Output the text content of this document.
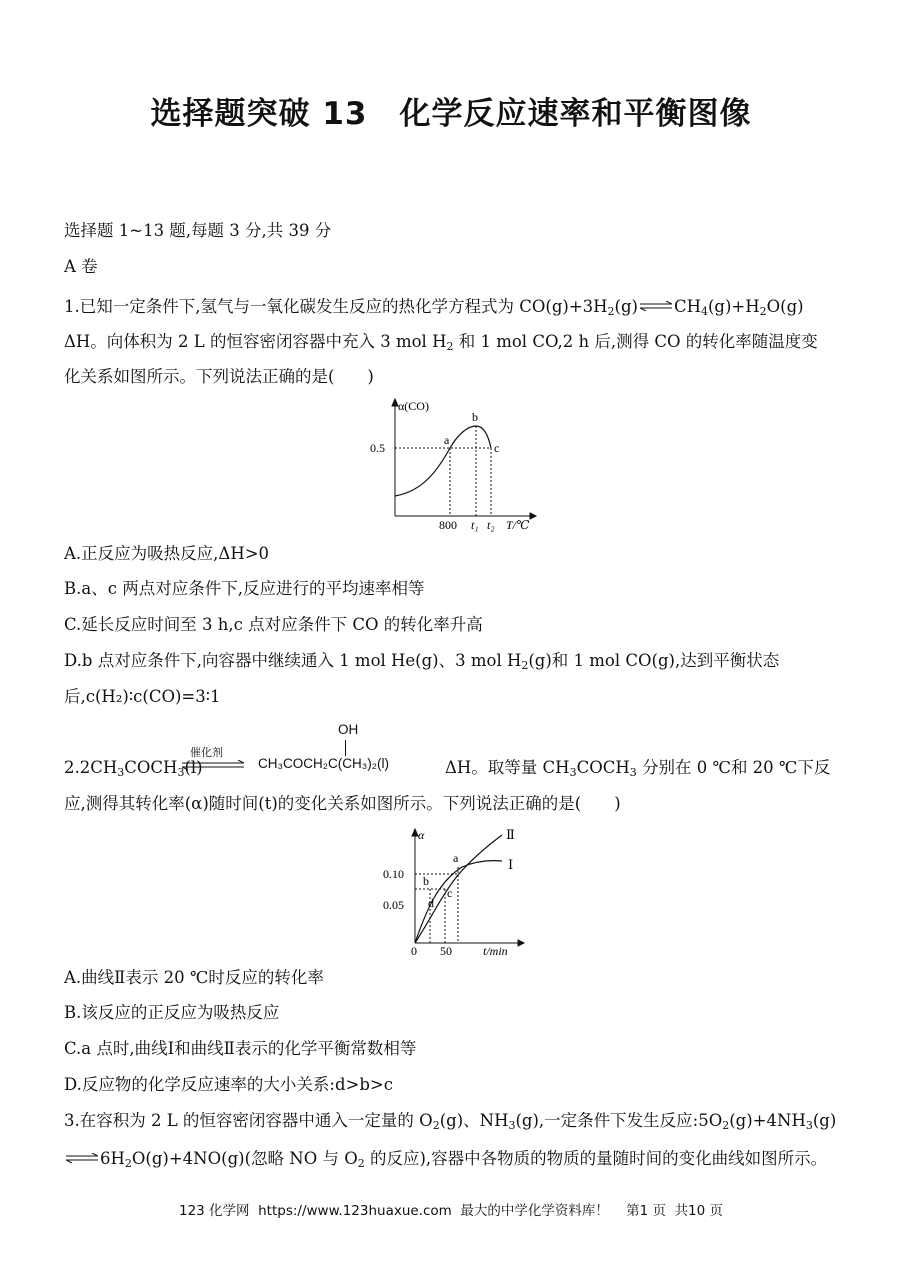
选择题突破 13　化学反应速率和平衡图像
选择题 1~13 题,每题 3 分,共 39 分
A 卷
1.已知一定条件下,氢气与一氧化碳发生反应的热化学方程式为 $CO(g)+3H_2(g)$ ⇌ $CH_4(g)+H_2O(g)$
ΔH。向体积为 2 L 的恒容密闭容器中充入 3 mol $H_2$ 和 1 mol CO,2 h 后,测得 CO 的转化率随温度变
化关系如图所示。下列说法正确的是(　　)
α(CO)
0.5
800 t₁ t₂ T/℃
a
b
c
A.正反应为吸热反应,ΔH>0
B.a、c 两点对应条件下,反应进行的平均速率相等
C.延长反应时间至 3 h,c 点对应条件下 CO 的转化率升高
D.b 点对应条件下,向容器中继续通入 1 mol He(g)、3 mol $H_2(g)$和 1 mol CO(g),达到平衡状态
后,c(H₂)∶c(CO)=3∶1
$2.2CH_3COCH_3(l)$
催化剂
OH
CH₃COCH₂C(CH₃)₂(l)	ΔH。取等量 $CH_3COCH_3$ 分别在 0 ℃和 20 ℃下反
应,测得其转化率(α)随时间(t)的变化关系如图所示。下列说法正确的是(　　)
α
0.10
0.05
0 50	t/min
Ⅱ
Ⅰ
a
b
c
d
A.曲线Ⅱ表示 20 ℃时反应的转化率
B.该反应的正反应为吸热反应
C.a 点时,曲线Ⅰ和曲线Ⅱ表示的化学平衡常数相等
D.反应物的化学反应速率的大小关系:d>b>c
3.在容积为 2 L 的恒容密闭容器中通入一定量的 $O_2(g)$、$NH_3(g)$,一定条件下发生反应$:5O_2(g)+4NH_3(g)$
⇌ $6H_2O(g)+4NO(g)$(忽略 NO 与 $O_2$ 的反应),容器中各物质的物质的量随时间的变化曲线如图所示。
123 化学网  https://www.123huaxue.com  最大的中学化学资料库！    第1 页  共10 页
